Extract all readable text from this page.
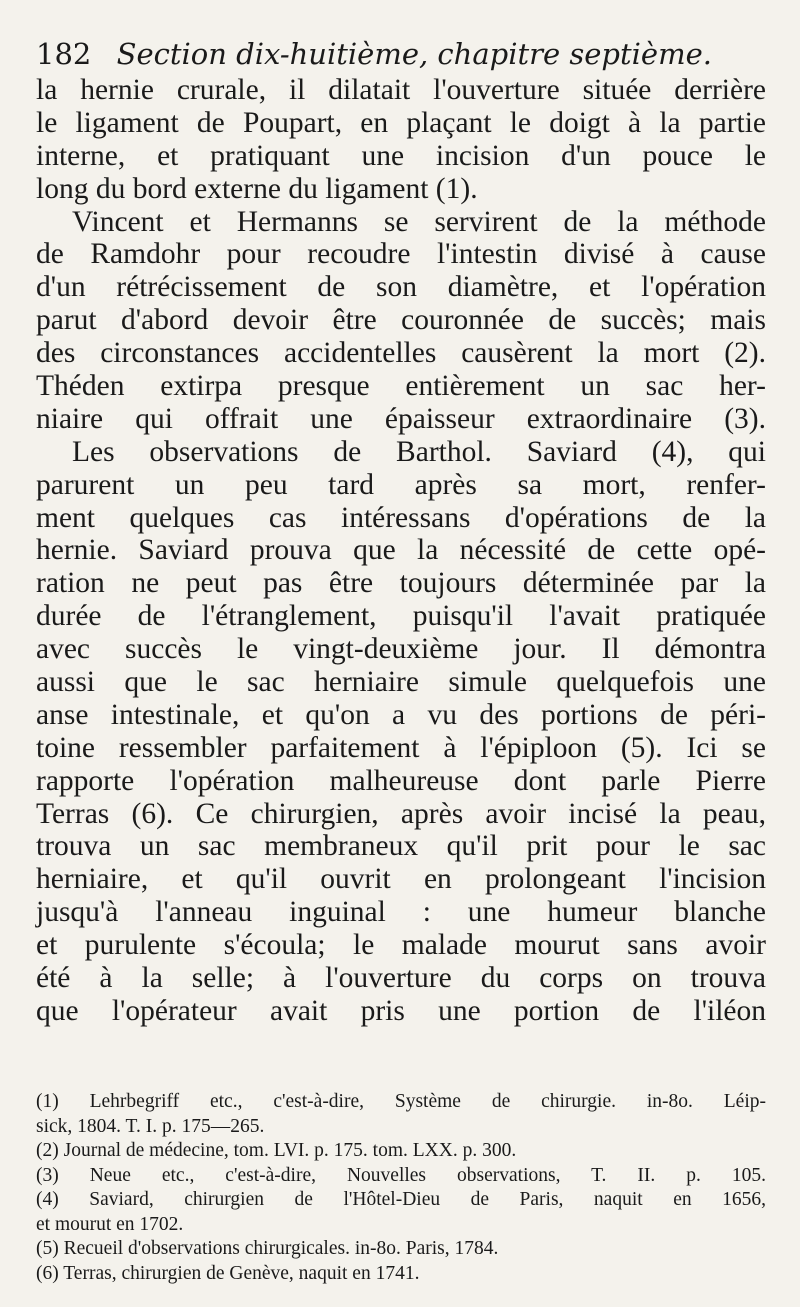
182 Section dix-huitième, chapitre septième.
la hernie crurale, il dilatait l'ouverture située derrière
le ligament de Poupart, en plaçant le doigt à la partie
interne, et pratiquant une incision d'un pouce le
long du bord externe du ligament (1).
Vincent et Hermanns se servirent de la méthode
de Ramdohr pour recoudre l'intestin divisé à cause
d'un rétrécissement de son diamètre, et l'opération
parut d'abord devoir être couronnée de succès; mais
des circonstances accidentelles causèrent la mort (2).
Théden extirpa presque entièrement un sac her-
niaire qui offrait une épaisseur extraordinaire (3).
Les observations de Barthol. Saviard (4), qui
parurent un peu tard après sa mort, renfer-
ment quelques cas intéressans d'opérations de la
hernie. Saviard prouva que la nécessité de cette opé-
ration ne peut pas être toujours déterminée par la
durée de l'étranglement, puisqu'il l'avait pratiquée
avec succès le vingt-deuxième jour. Il démontra
aussi que le sac herniaire simule quelquefois une
anse intestinale, et qu'on a vu des portions de péri-
toine ressembler parfaitement à l'épiploon (5). Ici se
rapporte l'opération malheureuse dont parle Pierre
Terras (6). Ce chirurgien, après avoir incisé la peau,
trouva un sac membraneux qu'il prit pour le sac
herniaire, et qu'il ouvrit en prolongeant l'incision
jusqu'à l'anneau inguinal : une humeur blanche
et purulente s'écoula; le malade mourut sans avoir
été à la selle; à l'ouverture du corps on trouva
que l'opérateur avait pris une portion de l'iléon
(1) Lehrbegriff etc., c'est-à-dire, Système de chirurgie. in-8o. Léip-
sick, 1804. T. I. p. 175—265.
(2) Journal de médecine, tom. LVI. p. 175. tom. LXX. p. 300.
(3) Neue etc., c'est-à-dire, Nouvelles observations, T. II. p. 105.
(4) Saviard, chirurgien de l'Hôtel-Dieu de Paris, naquit en 1656,
et mourut en 1702.
(5) Recueil d'observations chirurgicales. in-8o. Paris, 1784.
(6) Terras, chirurgien de Genève, naquit en 1741.
